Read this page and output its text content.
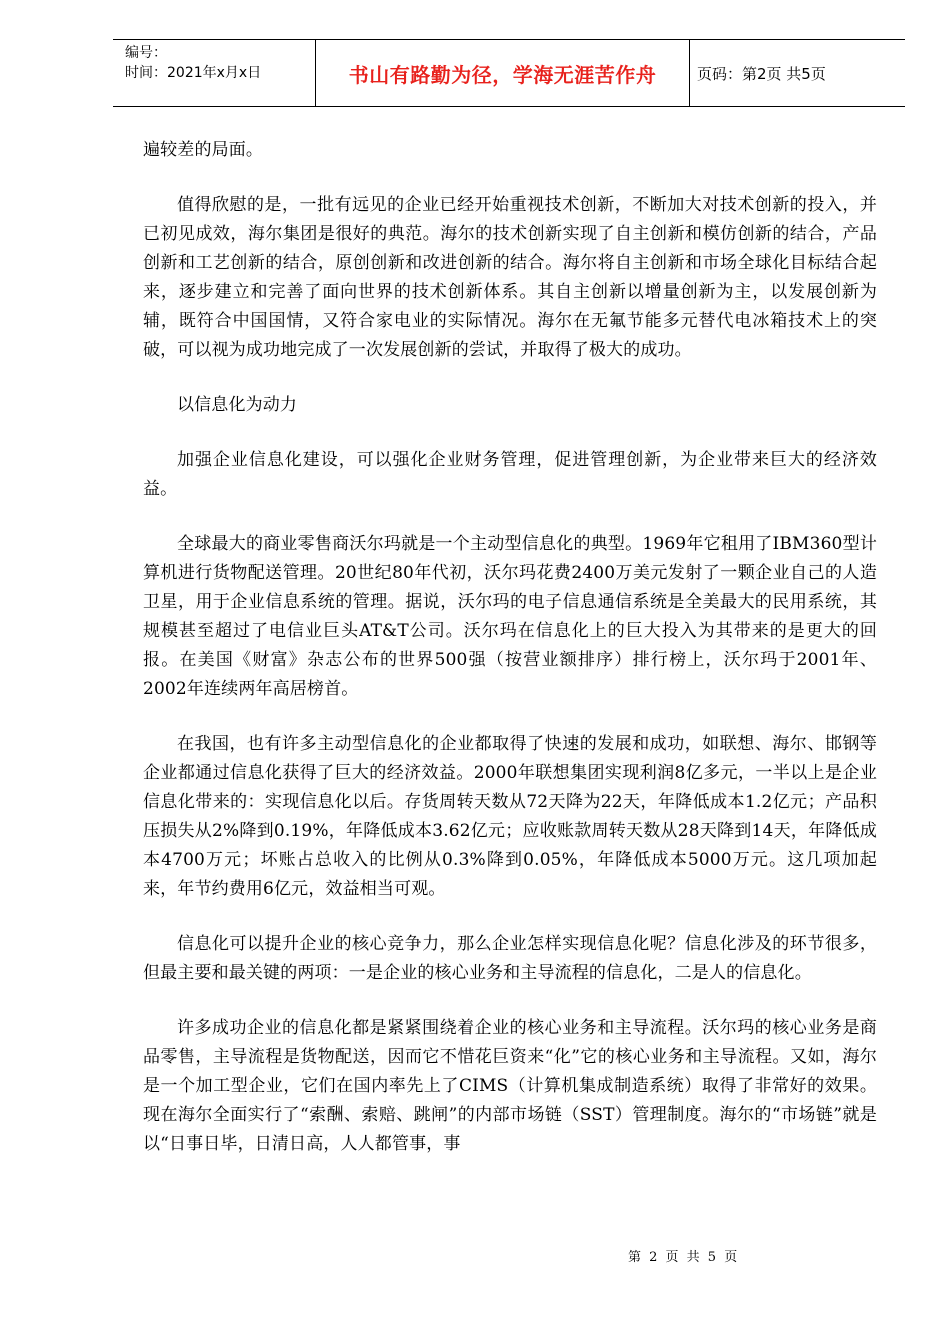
编号：
时间：2021年x月x日	书山有路勤为径，学海无涯苦作舟	页码：第2页 共5页

遍较差的局面。

值得欣慰的是，一批有远见的企业已经开始重视技术创新，不断加大对技术创新的投入，并已初见成效，海尔集团是很好的典范。海尔的技术创新实现了自主创新和模仿创新的结合，产品创新和工艺创新的结合，原创创新和改进创新的结合。海尔将自主创新和市场全球化目标结合起来，逐步建立和完善了面向世界的技术创新体系。其自主创新以增量创新为主，以发展创新为辅，既符合中国国情，又符合家电业的实际情况。海尔在无氟节能多元替代电冰箱技术上的突破，可以视为成功地完成了一次发展创新的尝试，并取得了极大的成功。

以信息化为动力

加强企业信息化建设，可以强化企业财务管理，促进管理创新，为企业带来巨大的经济效益。

全球最大的商业零售商沃尔玛就是一个主动型信息化的典型。1969年它租用了IBM360型计算机进行货物配送管理。20世纪80年代初，沃尔玛花费2400万美元发射了一颗企业自己的人造卫星，用于企业信息系统的管理。据说，沃尔玛的电子信息通信系统是全美最大的民用系统，其规模甚至超过了电信业巨头AT&T公司。沃尔玛在信息化上的巨大投入为其带来的是更大的回报。在美国《财富》杂志公布的世界500强（按营业额排序）排行榜上，沃尔玛于2001年、2002年连续两年高居榜首。

在我国，也有许多主动型信息化的企业都取得了快速的发展和成功，如联想、海尔、邯钢等企业都通过信息化获得了巨大的经济效益。2000年联想集团实现利润8亿多元，一半以上是企业信息化带来的：实现信息化以后。存货周转天数从72天降为22天，年降低成本1.2亿元；产品积压损失从2%降到0.19%，年降低成本3.62亿元；应收账款周转天数从28天降到14天，年降低成本4700万元；坏账占总收入的比例从0.3%降到0.05%，年降低成本5000万元。这几项加起来，年节约费用6亿元，效益相当可观。

信息化可以提升企业的核心竞争力，那么企业怎样实现信息化呢？信息化涉及的环节很多，但最主要和最关键的两项：一是企业的核心业务和主导流程的信息化，二是人的信息化。

许多成功企业的信息化都是紧紧围绕着企业的核心业务和主导流程。沃尔玛的核心业务是商品零售，主导流程是货物配送，因而它不惜花巨资来“化”它的核心业务和主导流程。又如，海尔是一个加工型企业，它们在国内率先上了CIMS（计算机集成制造系统）取得了非常好的效果。现在海尔全面实行了“索酬、索赔、跳闸”的内部市场链（SST）管理制度。海尔的“市场链”就是以“日事日毕，日清日高，人人都管事，事

第 2 页 共 5 页
